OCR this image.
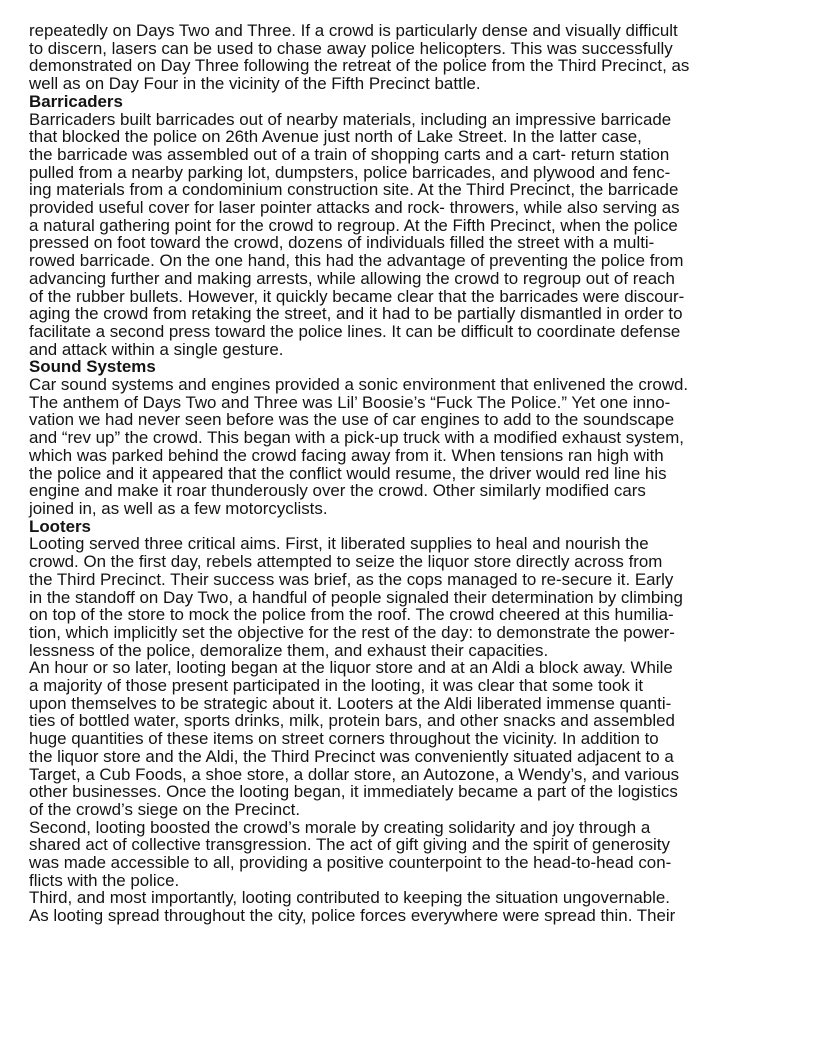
repeatedly on Days Two and Three. If a crowd is particularly dense and visually difficult
to discern, lasers can be used to chase away police helicopters. This was successfully
demonstrated on Day Three following the retreat of the police from the Third Precinct, as
well as on Day Four in the vicinity of the Fifth Precinct battle.
Barricaders
Barricaders built barricades out of nearby materials, including an impressive barricade
that blocked the police on 26th Avenue just north of Lake Street. In the latter case,
the barricade was assembled out of a train of shopping carts and a cart- return station
pulled from a nearby parking lot, dumpsters, police barricades, and plywood and fenc-
ing materials from a condominium construction site. At the Third Precinct, the barricade
provided useful cover for laser pointer attacks and rock- throwers, while also serving as
a natural gathering point for the crowd to regroup. At the Fifth Precinct, when the police
pressed on foot toward the crowd, dozens of individuals filled the street with a multi-
rowed barricade. On the one hand, this had the advantage of preventing the police from
advancing further and making arrests, while allowing the crowd to regroup out of reach
of the rubber bullets. However, it quickly became clear that the barricades were discour-
aging the crowd from retaking the street, and it had to be partially dismantled in order to
facilitate a second press toward the police lines. It can be difficult to coordinate defense
and attack within a single gesture.
Sound Systems
Car sound systems and engines provided a sonic environment that enlivened the crowd.
The anthem of Days Two and Three was Lil’ Boosie’s “Fuck The Police.” Yet one inno-
vation we had never seen before was the use of car engines to add to the soundscape
and “rev up” the crowd. This began with a pick-up truck with a modified exhaust system,
which was parked behind the crowd facing away from it. When tensions ran high with
the police and it appeared that the conflict would resume, the driver would red line his
engine and make it roar thunderously over the crowd. Other similarly modified cars
joined in, as well as a few motorcyclists.
Looters
Looting served three critical aims. First, it liberated supplies to heal and nourish the
crowd. On the first day, rebels attempted to seize the liquor store directly across from
the Third Precinct. Their success was brief, as the cops managed to re-secure it. Early
in the standoff on Day Two, a handful of people signaled their determination by climbing
on top of the store to mock the police from the roof. The crowd cheered at this humilia-
tion, which implicitly set the objective for the rest of the day: to demonstrate the power-
lessness of the police, demoralize them, and exhaust their capacities.
An hour or so later, looting began at the liquor store and at an Aldi a block away. While
a majority of those present participated in the looting, it was clear that some took it
upon themselves to be strategic about it. Looters at the Aldi liberated immense quanti-
ties of bottled water, sports drinks, milk, protein bars, and other snacks and assembled
huge quantities of these items on street corners throughout the vicinity. In addition to
the liquor store and the Aldi, the Third Precinct was conveniently situated adjacent to a
Target, a Cub Foods, a shoe store, a dollar store, an Autozone, a Wendy’s, and various
other businesses. Once the looting began, it immediately became a part of the logistics
of the crowd’s siege on the Precinct.
Second, looting boosted the crowd’s morale by creating solidarity and joy through a
shared act of collective transgression. The act of gift giving and the spirit of generosity
was made accessible to all, providing a positive counterpoint to the head-to-head con-
flicts with the police.
Third, and most importantly, looting contributed to keeping the situation ungovernable.
As looting spread throughout the city, police forces everywhere were spread thin. Their
